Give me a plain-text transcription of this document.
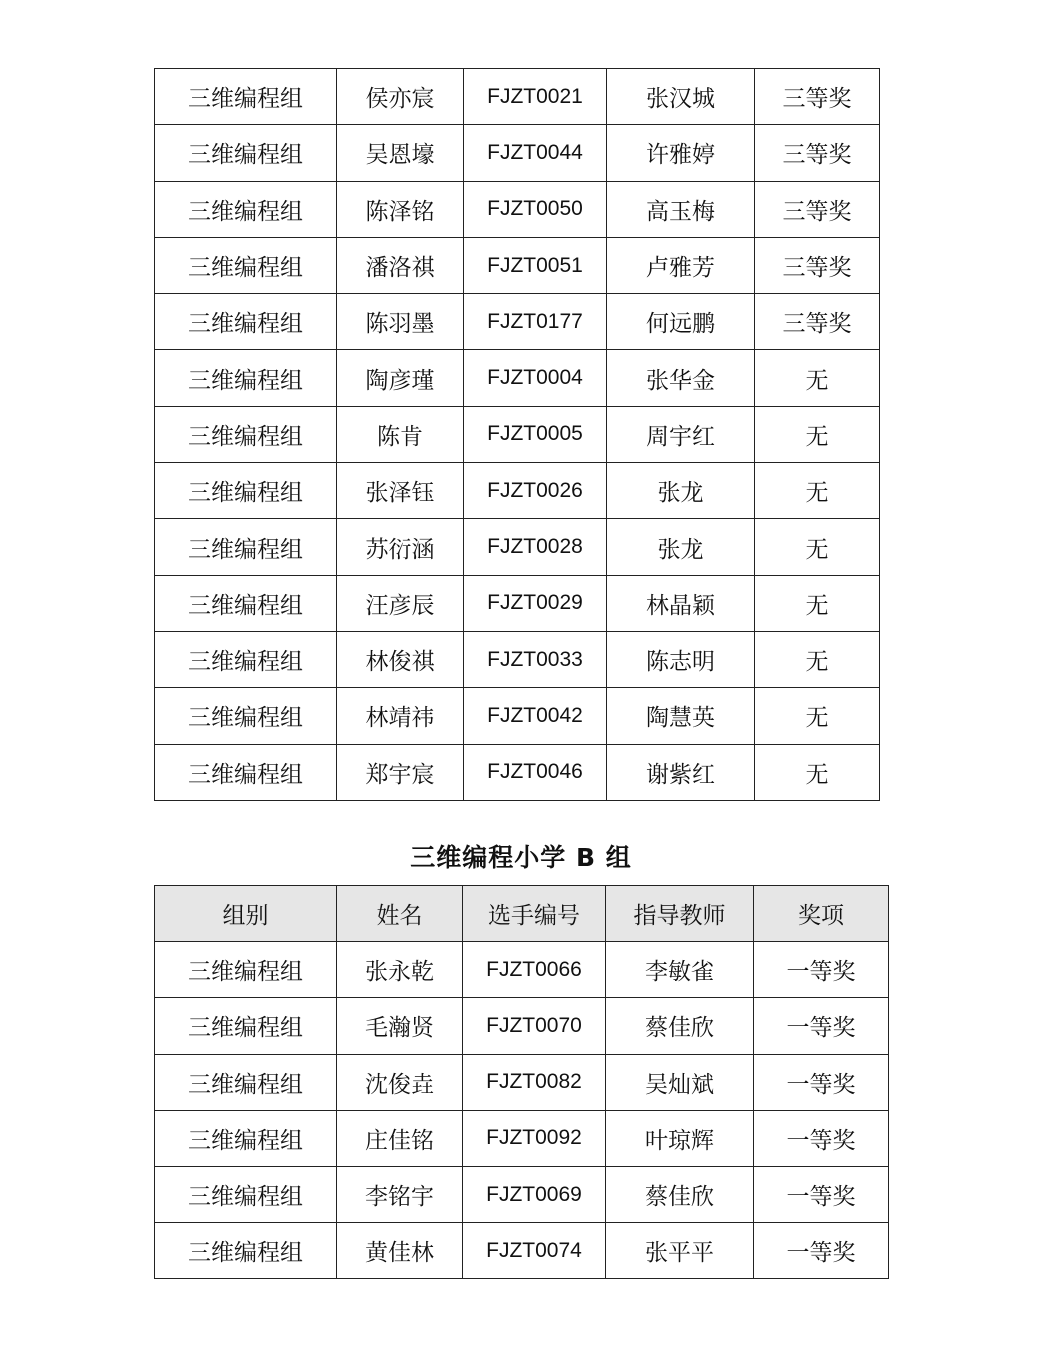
三维编程组	侯亦宸	FJZT0021	张汉城	三等奖
三维编程组	吴恩壕	FJZT0044	许雅婷	三等奖
三维编程组	陈泽铭	FJZT0050	高玉梅	三等奖
三维编程组	潘洛祺	FJZT0051	卢雅芳	三等奖
三维编程组	陈羽墨	FJZT0177	何远鹏	三等奖
三维编程组	陶彦瑾	FJZT0004	张华金	无
三维编程组	陈肯	FJZT0005	周宇红	无
三维编程组	张泽钰	FJZT0026	张龙	无
三维编程组	苏衍涵	FJZT0028	张龙	无
三维编程组	汪彦辰	FJZT0029	林晶颖	无
三维编程组	林俊祺	FJZT0033	陈志明	无
三维编程组	林靖祎	FJZT0042	陶慧英	无
三维编程组	郑宇宸	FJZT0046	谢紫红	无
三维编程小学 B 组
组别	姓名	选手编号	指导教师	奖项
三维编程组	张永乾	FJZT0066	李敏雀	一等奖
三维编程组	毛瀚贤	FJZT0070	蔡佳欣	一等奖
三维编程组	沈俊垚	FJZT0082	吴灿斌	一等奖
三维编程组	庄佳铭	FJZT0092	叶琼辉	一等奖
三维编程组	李铭宇	FJZT0069	蔡佳欣	一等奖
三维编程组	黄佳林	FJZT0074	张平平	一等奖
